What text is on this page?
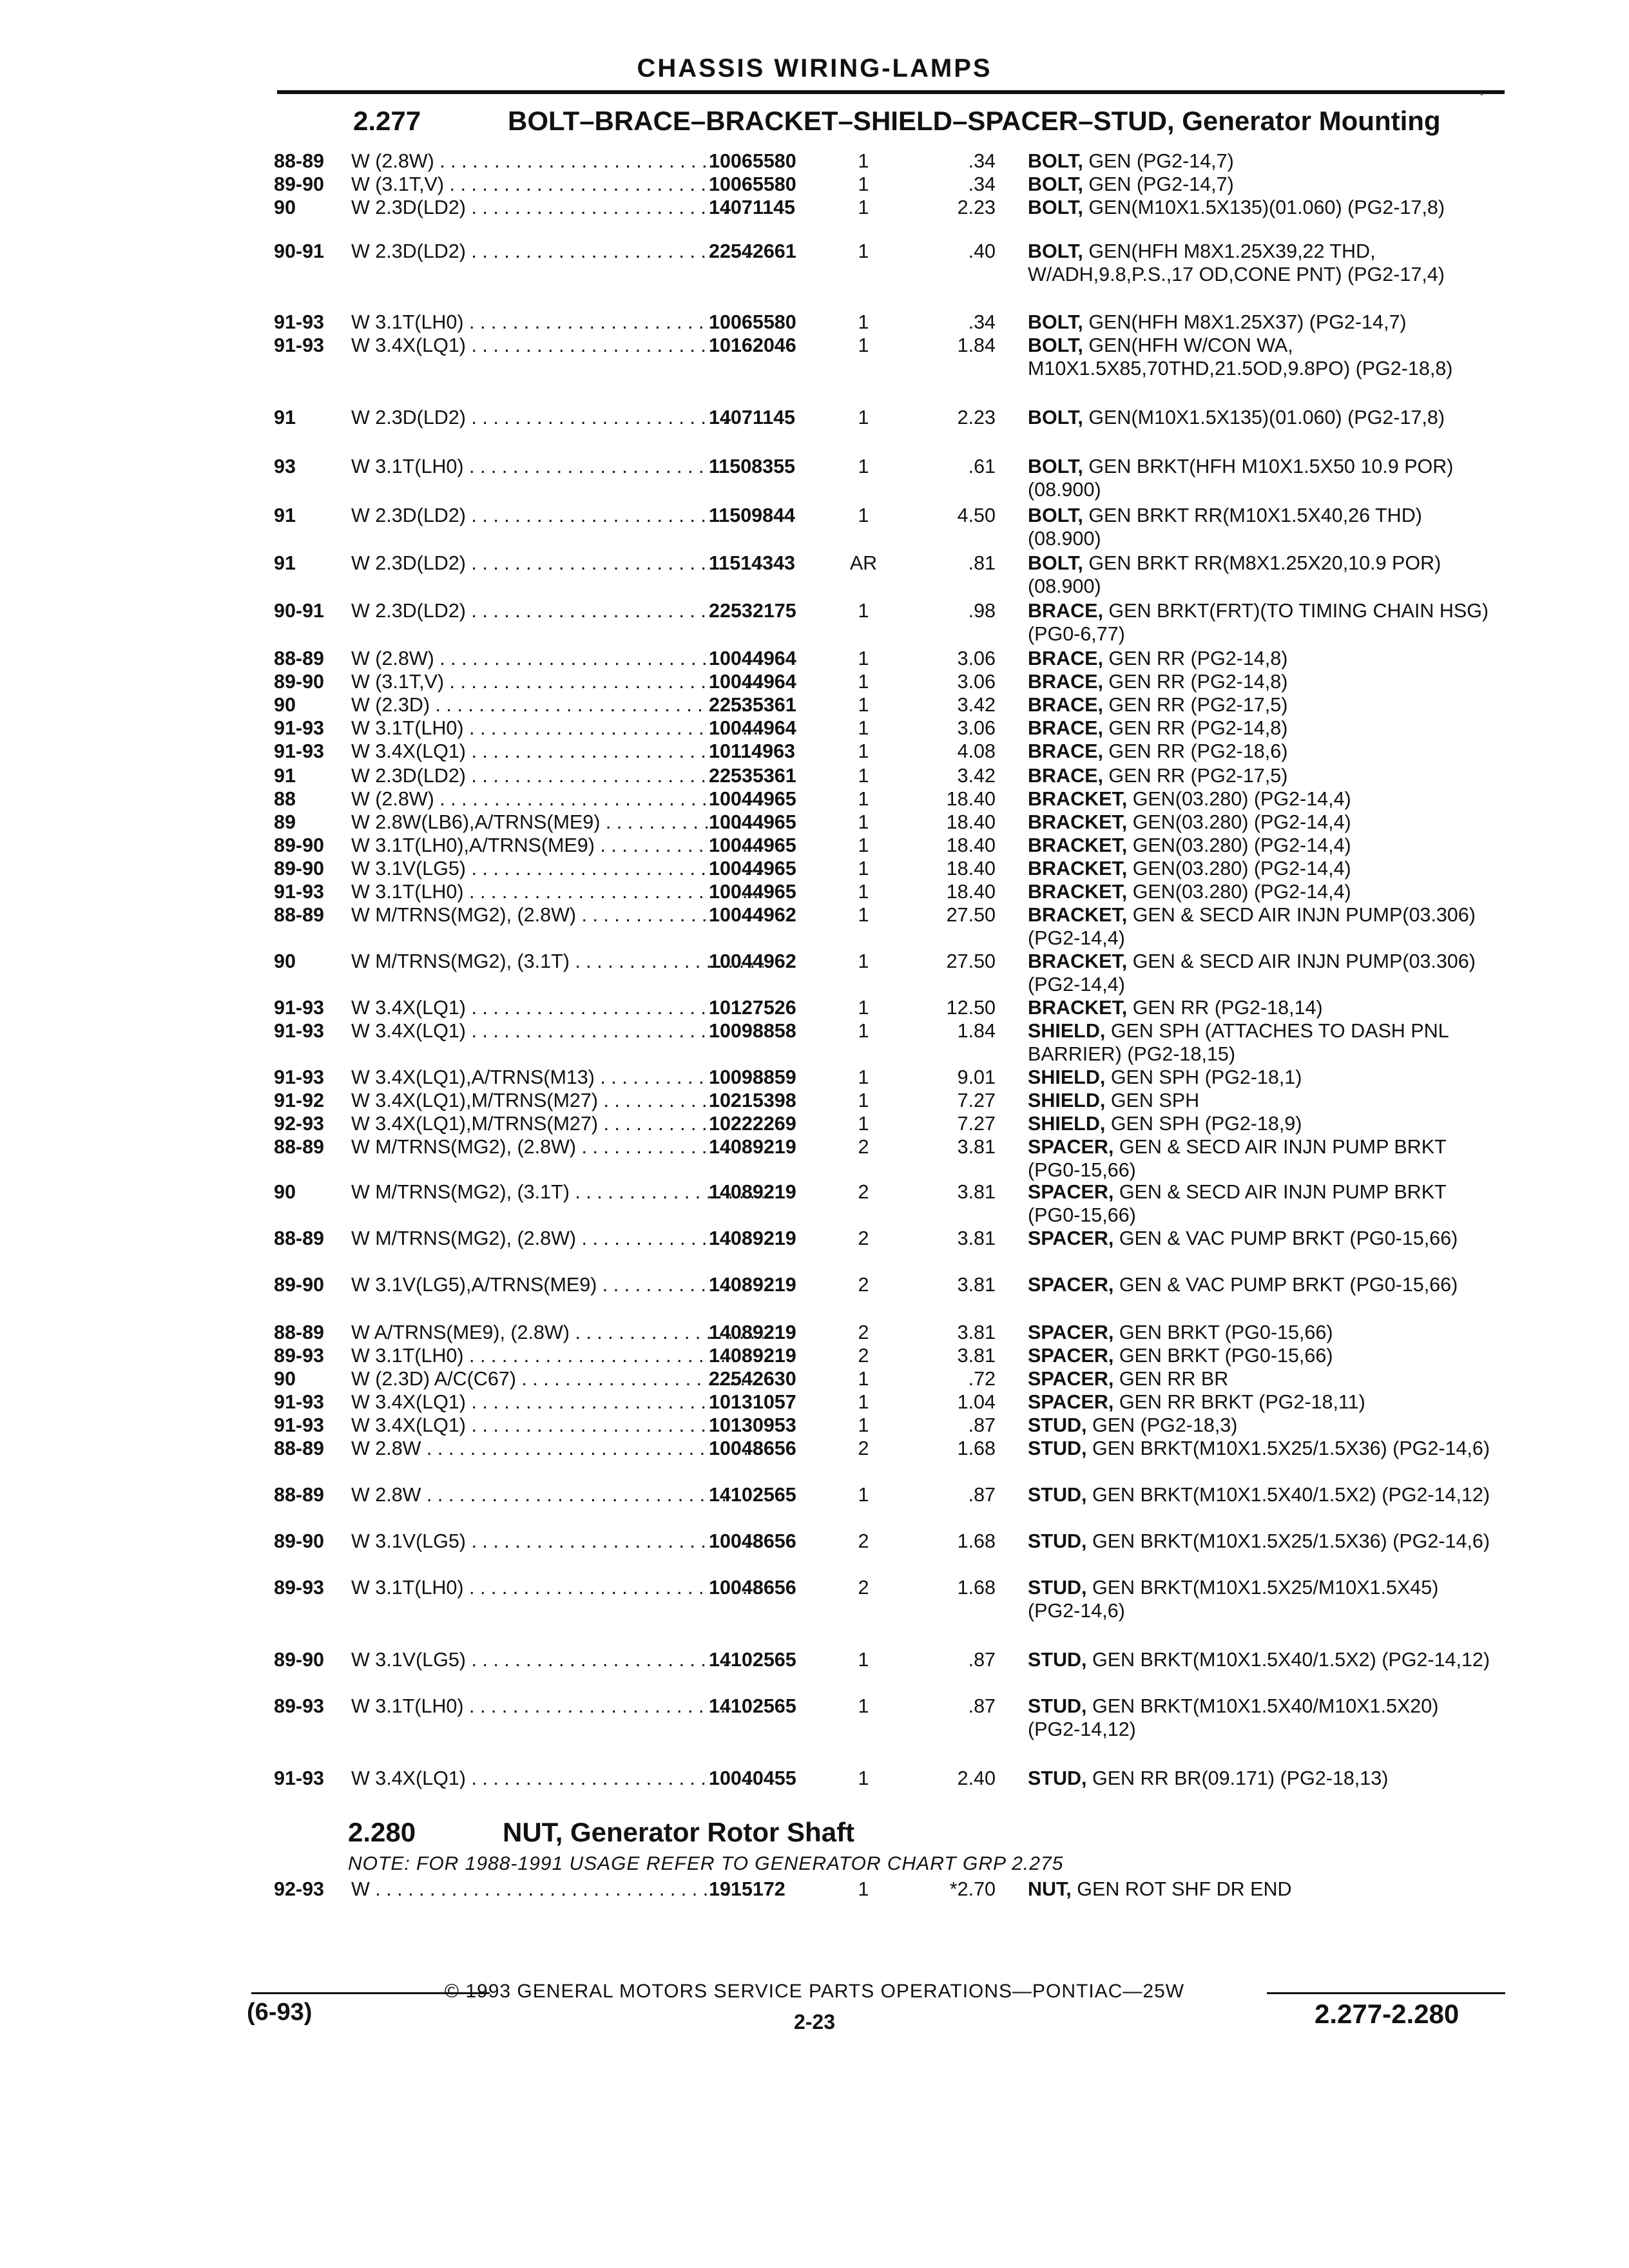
CHASSIS WIRING-LAMPS
.
2.277	BOLT–BRACE–BRACKET–SHIELD–SPACER–STUD, Generator Mounting
88-89 W (2.8W) . . .	10065580	1	.34 BOLT, GEN (PG2-14,7)
89-90 W (3.1T,V) . . .	10065580	1	.34 BOLT, GEN (PG2-14,7)
90	W 2.3D(LD2) . . .	14071145	1	2.23 BOLT, GEN(M10X1.5X135)(01.060) (PG2-17,8)
90-91 W 2.3D(LD2) . . .	22542661	1	.40 BOLT, GEN(HFH M8X1.25X39,22 THD, W/ADH,9.8,P.S.,17 OD,CONE PNT) (PG2-17,4)
91-93 W 3.1T(LH0) . . .	10065580	1	.34 BOLT, GEN(HFH M8X1.25X37) (PG2-14,7)
91-93 W 3.4X(LQ1) . . .	10162046	1	1.84 BOLT, GEN(HFH W/CON WA, M10X1.5X85,70THD,21.5OD,9.8PO) (PG2-18,8)
91	W 2.3D(LD2) . . .	14071145	1	2.23 BOLT, GEN(M10X1.5X135)(01.060) (PG2-17,8)
93	W 3.1T(LH0) . . .	11508355	1	.61 BOLT, GEN BRKT(HFH M10X1.5X50 10.9 POR)(08.900)
91	W 2.3D(LD2) . . .	11509844	1	4.50 BOLT, GEN BRKT RR(M10X1.5X40,26 THD)(08.900)
91	W 2.3D(LD2) . . .	11514343	AR	.81 BOLT, GEN BRKT RR(M8X1.25X20,10.9 POR)(08.900)
90-91 W 2.3D(LD2) . . .	22532175	1	.98 BRACE, GEN BRKT(FRT)(TO TIMING CHAIN HSG) (PG0-6,77)
88-89 W (2.8W) . . .	10044964	1	3.06 BRACE, GEN RR (PG2-14,8)
89-90 W (3.1T,V) . . .	10044964	1	3.06 BRACE, GEN RR (PG2-14,8)
90	W (2.3D) . . .	22535361	1	3.42 BRACE, GEN RR (PG2-17,5)
91-93 W 3.1T(LH0) . . .	10044964	1	3.06 BRACE, GEN RR (PG2-14,8)
91-93 W 3.4X(LQ1) . . .	10114963	1	4.08 BRACE, GEN RR (PG2-18,6)
91	W 2.3D(LD2) . . .	22535361	1	3.42 BRACE, GEN RR (PG2-17,5)
88	W (2.8W) . . .	10044965	1	18.40 BRACKET, GEN(03.280) (PG2-14,4)
89	W 2.8W(LB6),A/TRNS(ME9) . . .	10044965	1	18.40 BRACKET, GEN(03.280) (PG2-14,4)
89-90 W 3.1T(LH0),A/TRNS(ME9) . . .	10044965	1	18.40 BRACKET, GEN(03.280) (PG2-14,4)
89-90 W 3.1V(LG5) . . .	10044965	1	18.40 BRACKET, GEN(03.280) (PG2-14,4)
91-93 W 3.1T(LH0) . . .	10044965	1	18.40 BRACKET, GEN(03.280) (PG2-14,4)
88-89 W M/TRNS(MG2), (2.8W) . . .	10044962	1	27.50 BRACKET, GEN & SECD AIR INJN PUMP(03.306) (PG2-14,4)
90	W M/TRNS(MG2), (3.1T) . . .	10044962	1	27.50 BRACKET, GEN & SECD AIR INJN PUMP(03.306) (PG2-14,4)
91-93 W 3.4X(LQ1) . . .	10127526	1	12.50 BRACKET, GEN RR (PG2-18,14)
91-93 W 3.4X(LQ1) . . .	10098858	1	1.84 SHIELD, GEN SPH (ATTACHES TO DASH PNL BARRIER) (PG2-18,15)
91-93 W 3.4X(LQ1),A/TRNS(M13) . . .	10098859	1	9.01 SHIELD, GEN SPH (PG2-18,1)
91-92 W 3.4X(LQ1),M/TRNS(M27) . . .	10215398	1	7.27 SHIELD, GEN SPH
92-93 W 3.4X(LQ1),M/TRNS(M27) . . .	10222269	1	7.27 SHIELD, GEN SPH (PG2-18,9)
88-89 W M/TRNS(MG2), (2.8W) . . .	14089219	2	3.81 SPACER, GEN & SECD AIR INJN PUMP BRKT (PG0-15,66)
90	W M/TRNS(MG2), (3.1T) . . .	14089219	2	3.81 SPACER, GEN & SECD AIR INJN PUMP BRKT (PG0-15,66)
88-89 W M/TRNS(MG2), (2.8W) . . .	14089219	2	3.81 SPACER, GEN & VAC PUMP BRKT (PG0-15,66)
89-90 W 3.1V(LG5),A/TRNS(ME9) . . .	14089219	2	3.81 SPACER, GEN & VAC PUMP BRKT (PG0-15,66)
88-89 W A/TRNS(ME9), (2.8W) . . .	14089219	2	3.81 SPACER, GEN BRKT (PG0-15,66)
89-93 W 3.1T(LH0) . . .	14089219	2	3.81 SPACER, GEN BRKT (PG0-15,66)
90	W (2.3D) A/C(C67) . . .	22542630	1	.72 SPACER, GEN RR BR
91-93 W 3.4X(LQ1) . . .	10131057	1	1.04 SPACER, GEN RR BRKT (PG2-18,11)
91-93 W 3.4X(LQ1) . . .	10130953	1	.87 STUD, GEN (PG2-18,3)
88-89 W 2.8W . . .	10048656	2	1.68 STUD, GEN BRKT(M10X1.5X25/1.5X36) (PG2-14,6)
88-89 W 2.8W . . .	14102565	1	.87 STUD, GEN BRKT(M10X1.5X40/1.5X2) (PG2-14,12)
89-90 W 3.1V(LG5) . . .	10048656	2	1.68 STUD, GEN BRKT(M10X1.5X25/1.5X36) (PG2-14,6)
89-93 W 3.1T(LH0) . . .	10048656	2	1.68 STUD, GEN BRKT(M10X1.5X25/M10X1.5X45) (PG2-14,6)
89-90 W 3.1V(LG5) . . .	14102565	1	.87 STUD, GEN BRKT(M10X1.5X40/1.5X2) (PG2-14,12)
89-93 W 3.1T(LH0) . . .	14102565	1	.87 STUD, GEN BRKT(M10X1.5X40/M10X1.5X20) (PG2-14,12)
91-93 W 3.4X(LQ1) . . .	10040455	1	2.40 STUD, GEN RR BR(09.171) (PG2-18,13)
2.280	NUT, Generator Rotor Shaft
NOTE: FOR 1988-1991 USAGE REFER TO GENERATOR CHART GRP 2.275
92-93 W . . .	1915172	1	*2.70 NUT, GEN ROT SHF DR END
© 1993 GENERAL MOTORS SERVICE PARTS OPERATIONS—PONTIAC—25W
(6-93)	2-23	2.277-2.280
